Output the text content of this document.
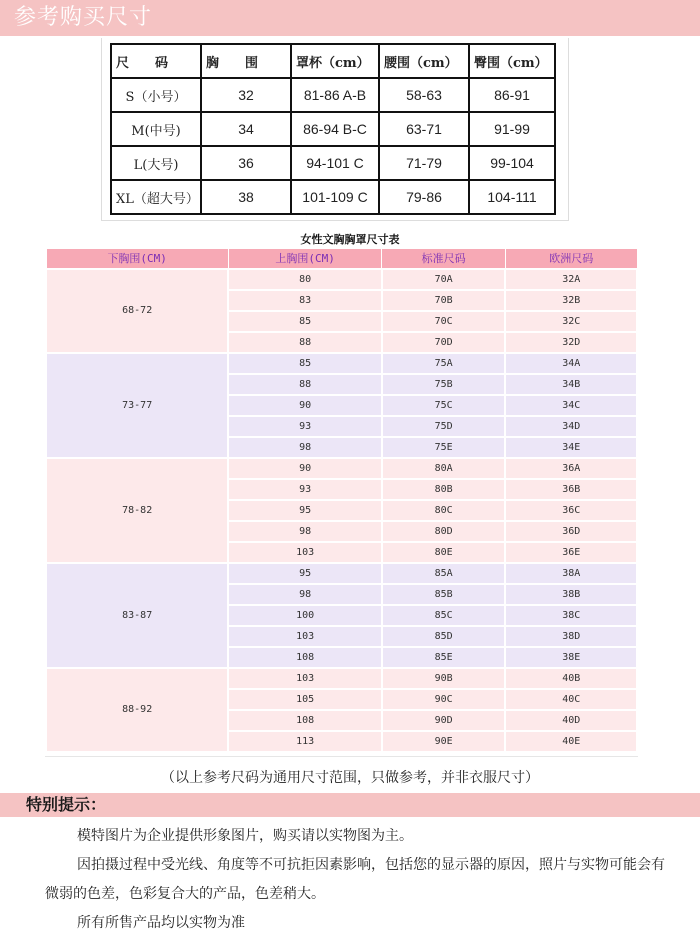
参考购买尺寸
尺　　码	胸　　围	罩杯（cm）	腰围（cm）	臀围（cm）
S（小号）	32	81-86 A-B	58-63	86-91
M(中号)	34	86-94 B-C	63-71	91-99
L(大号)	36	94-101 C	71-79	99-104
XL（超大号）	38	101-109 C	79-86	104-111
女性文胸胸罩尺寸表
下胸围(CM)	上胸围(CM)	标准尺码	欧洲尺码
68-72	80	70A	32A
	83	70B	32B
	85	70C	32C
	88	70D	32D
73-77	85	75A	34A
	88	75B	34B
	90	75C	34C
	93	75D	34D
	98	75E	34E
78-82	90	80A	36A
	93	80B	36B
	95	80C	36C
	98	80D	36D
	103	80E	36E
83-87	95	85A	38A
	98	85B	38B
	100	85C	38C
	103	85D	38D
	108	85E	38E
88-92	103	90B	40B
	105	90C	40C
	108	90D	40D
	113	90E	40E
（以上参考尺码为通用尺寸范围，只做参考，并非衣服尺寸）
特别提示：

模特图片为企业提供形象图片，购买请以实物图为主。

因拍摄过程中受光线、角度等不可抗拒因素影响，包括您的显示器的原因，照片与实物可能会有微弱的色差，色彩复合大的产品，色差稍大。

所有所售产品均以实物为准
